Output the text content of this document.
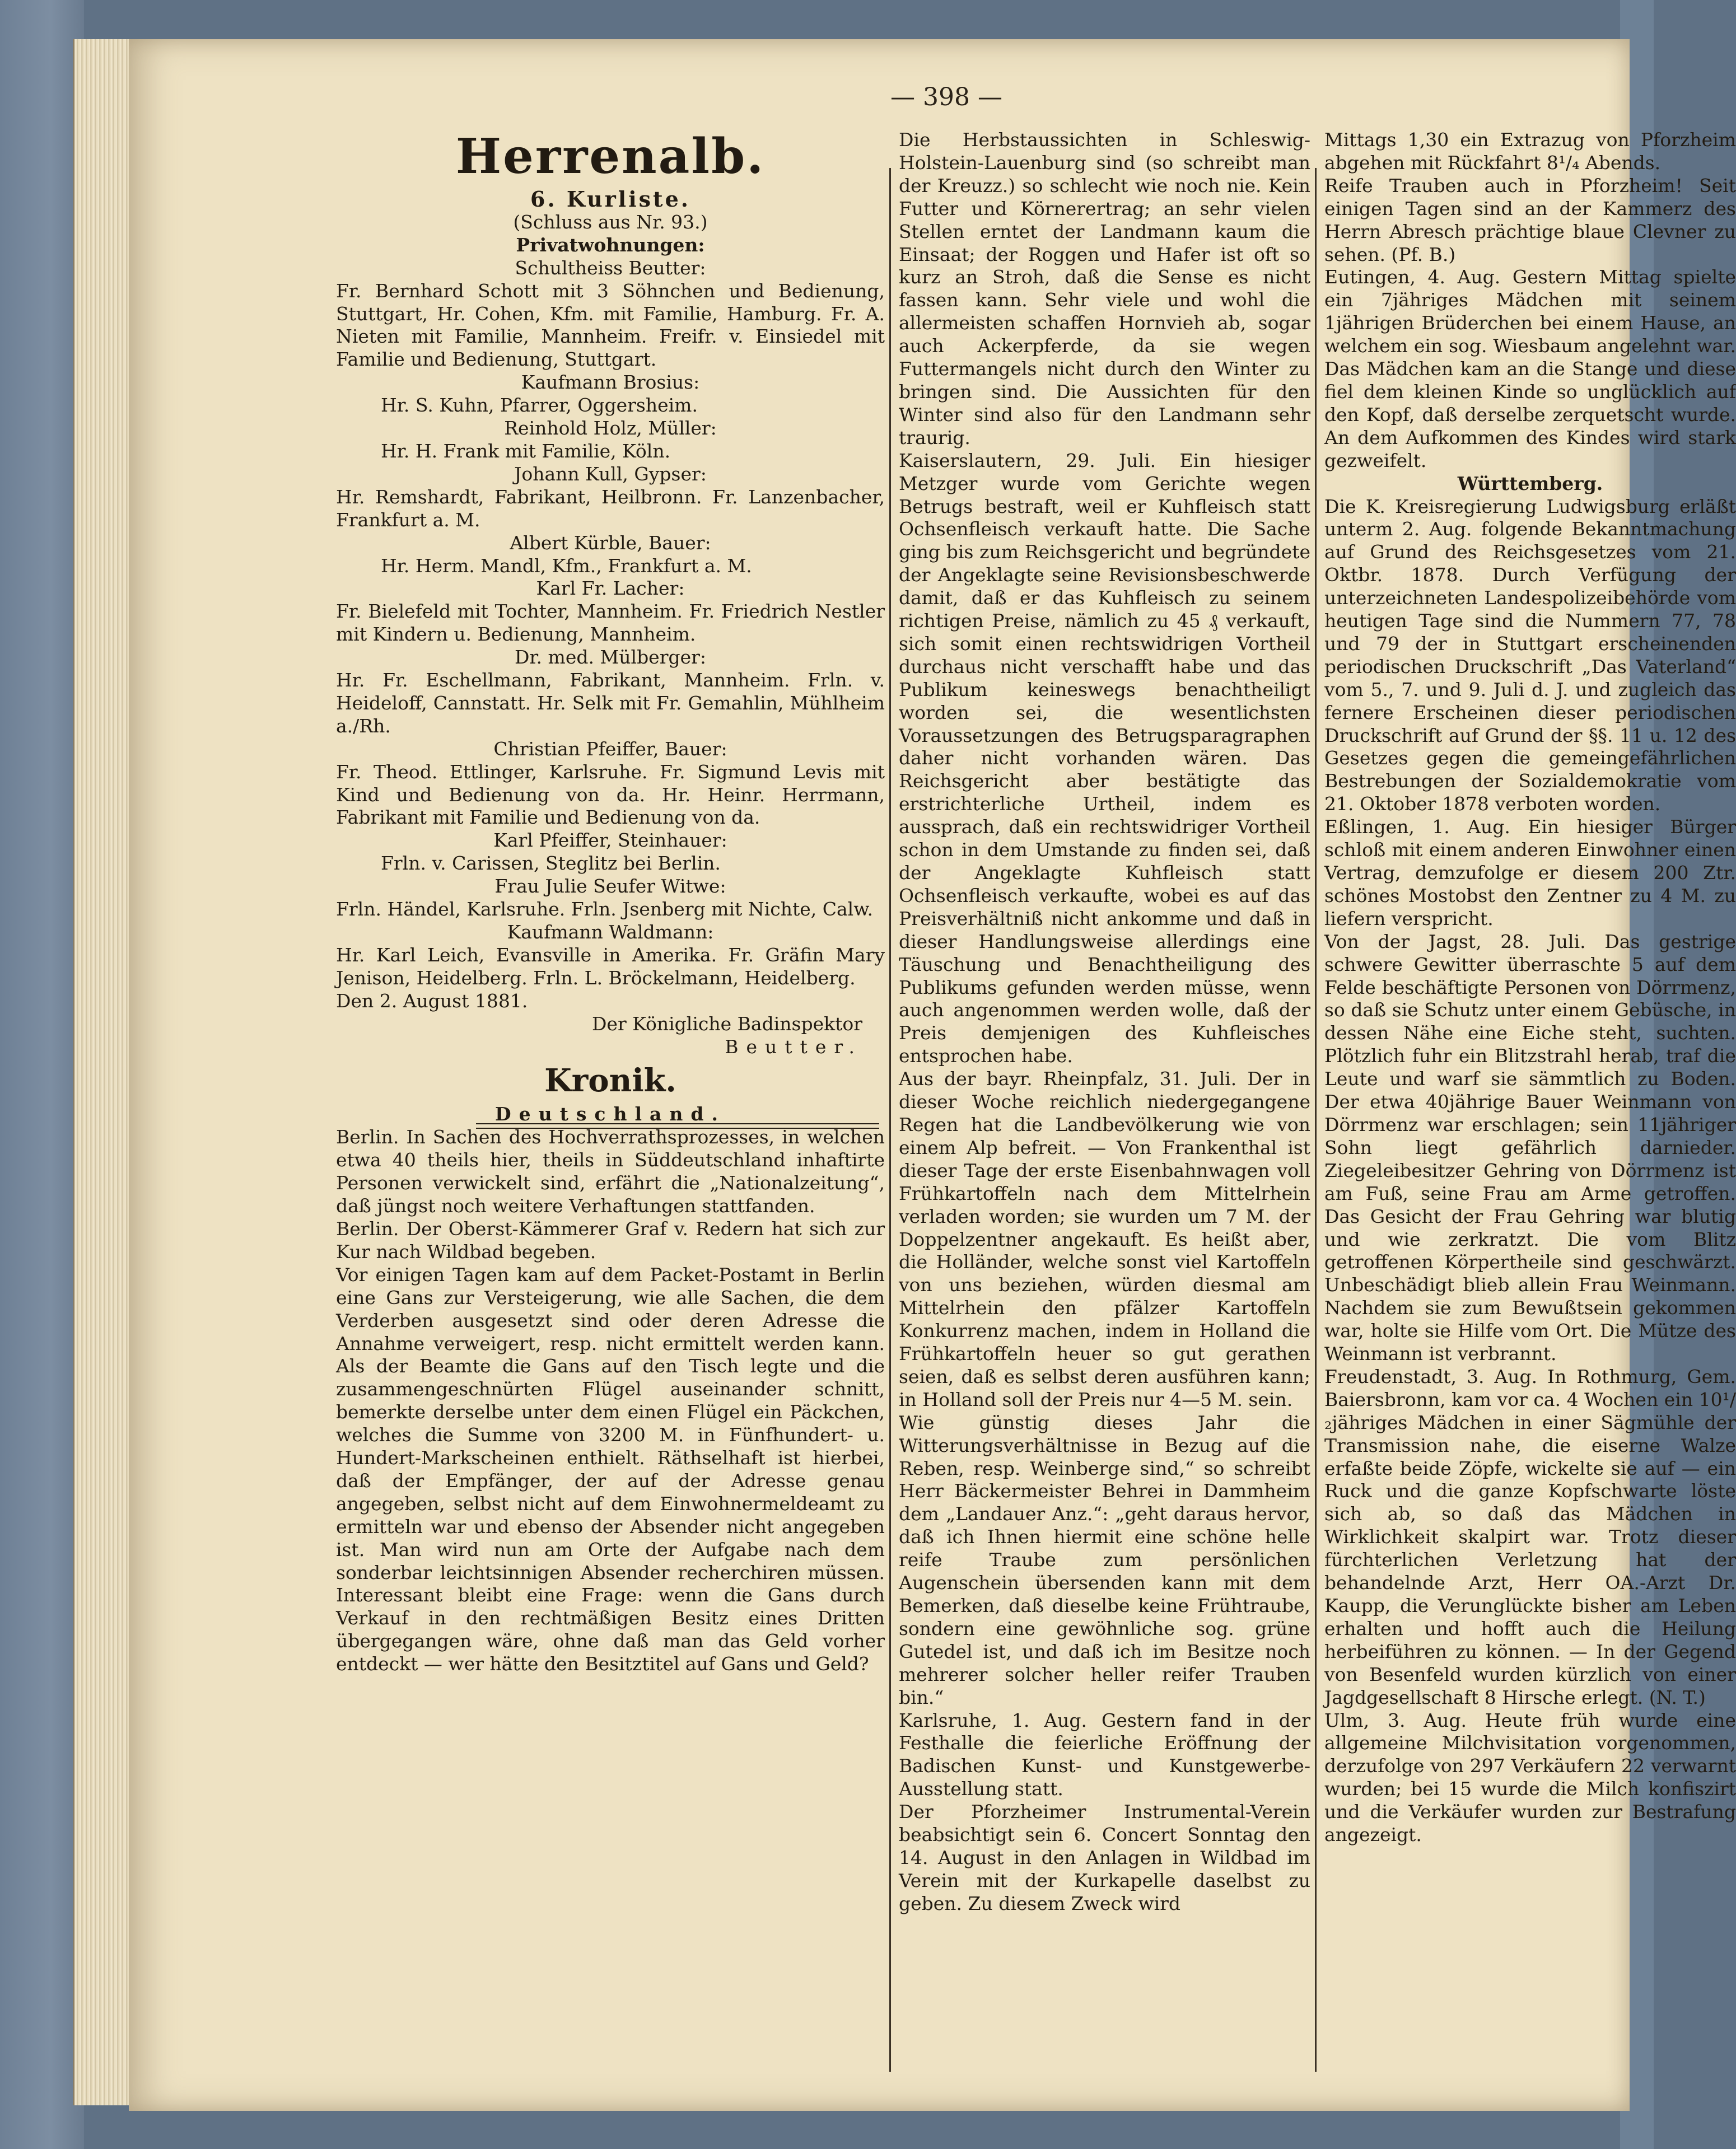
— 398 —
Herrenalb.

6. Kurliste.

(Schluss aus Nr. 93.)

Privatwohnungen:

Schultheiss Beutter:

Fr. Bernhard Schott mit 3 Söhnchen und Bedienung, Stuttgart, Hr. Cohen, Kfm. mit Familie, Hamburg. Fr. A. Nieten mit Familie, Mannheim. Freifr. v. Einsiedel mit Familie und Bedienung, Stuttgart.

Kaufmann Brosius:

Hr. S. Kuhn, Pfarrer, Oggersheim.

Reinhold Holz, Müller:

Hr. H. Frank mit Familie, Köln.

Johann Kull, Gypser:

Hr. Remshardt, Fabrikant, Heilbronn. Fr. Lanzenbacher, Frankfurt a. M.

Albert Kürble, Bauer:

Hr. Herm. Mandl, Kfm., Frankfurt a. M.

Karl Fr. Lacher:

Fr. Bielefeld mit Tochter, Mannheim. Fr. Friedrich Nestler mit Kindern u. Bedienung, Mannheim.

Dr. med. Mülberger:

Hr. Fr. Eschellmann, Fabrikant, Mannheim. Frln. v. Heideloff, Cannstatt. Hr. Selk mit Fr. Gemahlin, Mühlheim a./Rh.

Christian Pfeiffer, Bauer:

Fr. Theod. Ettlinger, Karlsruhe. Fr. Sigmund Levis mit Kind und Bedienung von da. Hr. Heinr. Herrmann, Fabrikant mit Familie und Bedienung von da.

Karl Pfeiffer, Steinhauer:

Frln. v. Carissen, Steglitz bei Berlin.

Frau Julie Seufer Witwe:

Frln. Händel, Karlsruhe. Frln. Jsenberg mit Nichte, Calw.

Kaufmann Waldmann:

Hr. Karl Leich, Evansville in Amerika. Fr. Gräfin Mary Jenison, Heidelberg. Frln. L. Bröckelmann, Heidelberg.

Den 2. August 1881.

Der Königliche Badinspektor

Beutter.

Kronik.

Deutschland.

Berlin. In Sachen des Hochverrathsprozesses, in welchen etwa 40 theils hier, theils in Süddeutschland inhaftirte Personen verwickelt sind, erfährt die „Nationalzeitung“, daß jüngst noch weitere Verhaftungen stattfanden.

Berlin. Der Oberst-Kämmerer Graf v. Redern hat sich zur Kur nach Wildbad begeben.

Vor einigen Tagen kam auf dem Packet-Postamt in Berlin eine Gans zur Versteigerung, wie alle Sachen, die dem Verderben ausgesetzt sind oder deren Adresse die Annahme verweigert, resp. nicht ermittelt werden kann. Als der Beamte die Gans auf den Tisch legte und die zusammengeschnürten Flügel auseinander schnitt, bemerkte derselbe unter dem einen Flügel ein Päckchen, welches die Summe von 3200 M. in Fünfhundert- u. Hundert-Markscheinen enthielt. Räthselhaft ist hierbei, daß der Empfänger, der auf der Adresse genau angegeben, selbst nicht auf dem Einwohnermeldeamt zu ermitteln war und ebenso der Absender nicht angegeben ist. Man wird nun am Orte der Aufgabe nach dem sonderbar leichtsinnigen Absender recherchiren müssen. Interessant bleibt eine Frage: wenn die Gans durch Verkauf in den rechtmäßigen Besitz eines Dritten übergegangen wäre, ohne daß man das Geld vorher entdeckt — wer hätte den Besitztitel auf Gans und Geld?

Die Herbstaussichten in Schleswig-Holstein-Lauenburg sind (so schreibt man der Kreuzz.) so schlecht wie noch nie. Kein Futter und Körnerertrag; an sehr vielen Stellen erntet der Landmann kaum die Einsaat; der Roggen und Hafer ist oft so kurz an Stroh, daß die Sense es nicht fassen kann. Sehr viele und wohl die allermeisten schaffen Hornvieh ab, sogar auch Ackerpferde, da sie wegen Futtermangels nicht durch den Winter zu bringen sind. Die Aussichten für den Winter sind also für den Landmann sehr traurig.

Kaiserslautern, 29. Juli. Ein hiesiger Metzger wurde vom Gerichte wegen Betrugs bestraft, weil er Kuhfleisch statt Ochsenfleisch verkauft hatte. Die Sache ging bis zum Reichsgericht und begründete der Angeklagte seine Revisionsbeschwerde damit, daß er das Kuhfleisch zu seinem richtigen Preise, nämlich zu 45 ₰ verkauft, sich somit einen rechtswidrigen Vortheil durchaus nicht verschafft habe und das Publikum keineswegs benachtheiligt worden sei, die wesentlichsten Voraussetzungen des Betrugsparagraphen daher nicht vorhanden wären. Das Reichsgericht aber bestätigte das erstrichterliche Urtheil, indem es aussprach, daß ein rechtswidriger Vortheil schon in dem Umstande zu finden sei, daß der Angeklagte Kuhfleisch statt Ochsenfleisch verkaufte, wobei es auf das Preisverhältniß nicht ankomme und daß in dieser Handlungsweise allerdings eine Täuschung und Benachtheiligung des Publikums gefunden werden müsse, wenn auch angenommen werden wolle, daß der Preis demjenigen des Kuhfleisches entsprochen habe.

Aus der bayr. Rheinpfalz, 31. Juli. Der in dieser Woche reichlich niedergegangene Regen hat die Landbevölkerung wie von einem Alp befreit. — Von Frankenthal ist dieser Tage der erste Eisenbahnwagen voll Frühkartoffeln nach dem Mittelrhein verladen worden; sie wurden um 7 M. der Doppelzentner angekauft. Es heißt aber, die Holländer, welche sonst viel Kartoffeln von uns beziehen, würden diesmal am Mittelrhein den pfälzer Kartoffeln Konkurrenz machen, indem in Holland die Frühkartoffeln heuer so gut gerathen seien, daß es selbst deren ausführen kann; in Holland soll der Preis nur 4—5 M. sein.

Wie günstig dieses Jahr die Witterungsverhältnisse in Bezug auf die Reben, resp. Weinberge sind,“ so schreibt Herr Bäckermeister Behrei in Dammheim dem „Landauer Anz.“: „geht daraus hervor, daß ich Ihnen hiermit eine schöne helle reife Traube zum persönlichen Augenschein übersenden kann mit dem Bemerken, daß dieselbe keine Frühtraube, sondern eine gewöhnliche sog. grüne Gutedel ist, und daß ich im Besitze noch mehrerer solcher heller reifer Trauben bin.“

Karlsruhe, 1. Aug. Gestern fand in der Festhalle die feierliche Eröffnung der Badischen Kunst- und Kunstgewerbe-Ausstellung statt.

Der Pforzheimer Instrumental-Verein beabsichtigt sein 6. Concert Sonntag den 14. August in den Anlagen in Wildbad im Verein mit der Kurkapelle daselbst zu geben. Zu diesem Zweck wird

Mittags 1,30 ein Extrazug von Pforzheim abgehen mit Rückfahrt 8¹/₄ Abends.

Reife Trauben auch in Pforzheim! Seit einigen Tagen sind an der Kammerz des Herrn Abresch prächtige blaue Clevner zu sehen. (Pf. B.)

Eutingen, 4. Aug. Gestern Mittag spielte ein 7jähriges Mädchen mit seinem 1jährigen Brüderchen bei einem Hause, an welchem ein sog. Wiesbaum angelehnt war. Das Mädchen kam an die Stange und diese fiel dem kleinen Kinde so unglücklich auf den Kopf, daß derselbe zerquetscht wurde. An dem Aufkommen des Kindes wird stark gezweifelt.

Württemberg.

Die K. Kreisregierung Ludwigsburg erläßt unterm 2. Aug. folgende Bekanntmachung auf Grund des Reichsgesetzes vom 21. Oktbr. 1878. Durch Verfügung der unterzeichneten Landespolizeibehörde vom heutigen Tage sind die Nummern 77, 78 und 79 der in Stuttgart erscheinenden periodischen Druckschrift „Das Vaterland“ vom 5., 7. und 9. Juli d. J. und zugleich das fernere Erscheinen dieser periodischen Druckschrift auf Grund der §§. 11 u. 12 des Gesetzes gegen die gemeingefährlichen Bestrebungen der Sozialdemokratie vom 21. Oktober 1878 verboten worden.

Eßlingen, 1. Aug. Ein hiesiger Bürger schloß mit einem anderen Einwohner einen Vertrag, demzufolge er diesem 200 Ztr. schönes Mostobst den Zentner zu 4 M. zu liefern verspricht.

Von der Jagst, 28. Juli. Das gestrige schwere Gewitter überraschte 5 auf dem Felde beschäftigte Personen von Dörrmenz, so daß sie Schutz unter einem Gebüsche, in dessen Nähe eine Eiche steht, suchten. Plötzlich fuhr ein Blitzstrahl herab, traf die Leute und warf sie sämmtlich zu Boden. Der etwa 40jährige Bauer Weinmann von Dörrmenz war erschlagen; sein 11jähriger Sohn liegt gefährlich darnieder. Ziegeleibesitzer Gehring von Dörrmenz ist am Fuß, seine Frau am Arme getroffen. Das Gesicht der Frau Gehring war blutig und wie zerkratzt. Die vom Blitz getroffenen Körpertheile sind geschwärzt. Unbeschädigt blieb allein Frau Weinmann. Nachdem sie zum Bewußtsein gekommen war, holte sie Hilfe vom Ort. Die Mütze des Weinmann ist verbrannt.

Freudenstadt, 3. Aug. In Rothmurg, Gem. Baiersbronn, kam vor ca. 4 Wochen ein 10¹/₂jähriges Mädchen in einer Sägmühle der Transmission nahe, die eiserne Walze erfaßte beide Zöpfe, wickelte sie auf — ein Ruck und die ganze Kopfschwarte löste sich ab, so daß das Mädchen in Wirklichkeit skalpirt war. Trotz dieser fürchterlichen Verletzung hat der behandelnde Arzt, Herr OA.-Arzt Dr. Kaupp, die Verunglückte bisher am Leben erhalten und hofft auch die Heilung herbeiführen zu können. — In der Gegend von Besenfeld wurden kürzlich von einer Jagdgesellschaft 8 Hirsche erlegt. (N. T.)

Ulm, 3. Aug. Heute früh wurde eine allgemeine Milchvisitation vorgenommen, derzufolge von 297 Verkäufern 22 verwarnt wurden; bei 15 wurde die Milch konfiszirt und die Verkäufer wurden zur Bestrafung angezeigt.
